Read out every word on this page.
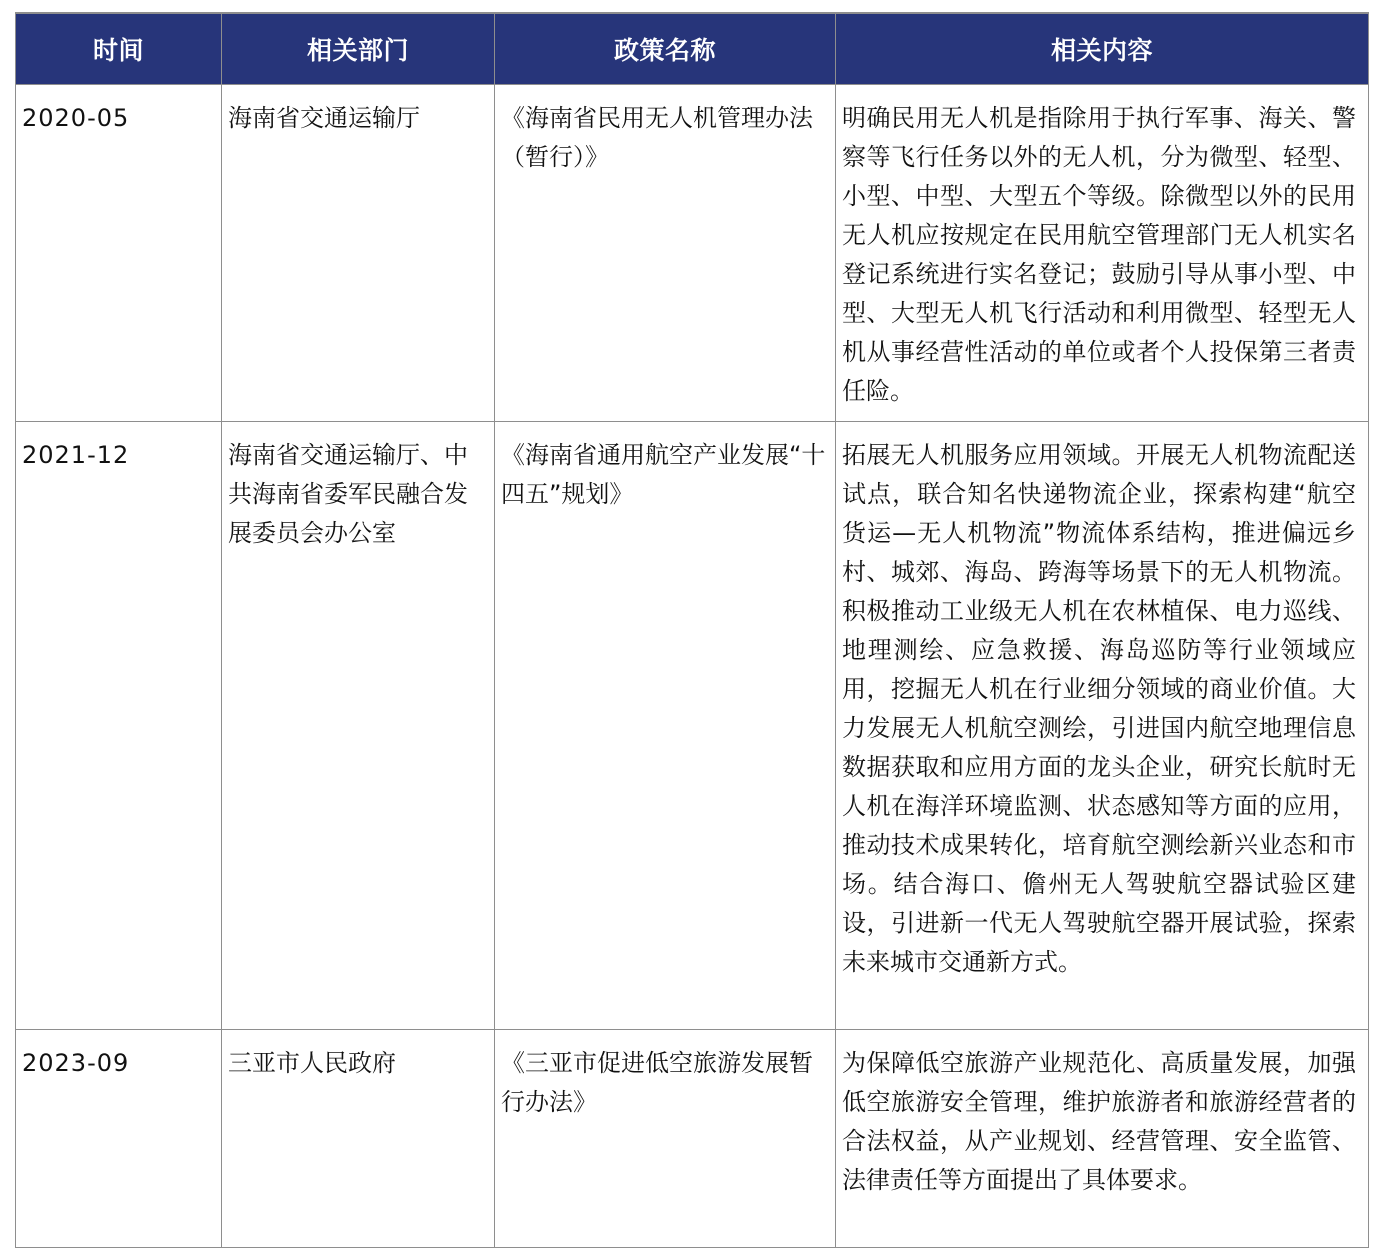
时间	相关部门	政策名称	相关内容
2020-05	海南省交通运输厅	《海南省民用无人机管理办法（暂行）》	明确民用无人机是指除用于执行军事、海关、警察等飞行任务以外的无人机，分为微型、轻型、小型、中型、大型五个等级。除微型以外的民用无人机应按规定在民用航空管理部门无人机实名登记系统进行实名登记；鼓励引导从事小型、中型、大型无人机飞行活动和利用微型、轻型无人机从事经营性活动的单位或者个人投保第三者责任险。
2021-12	海南省交通运输厅、中共海南省委军民融合发展委员会办公室	《海南省通用航空产业发展“十四五”规划》	拓展无人机服务应用领域。开展无人机物流配送试点，联合知名快递物流企业，探索构建“航空货运—无人机物流”物流体系结构，推进偏远乡村、城郊、海岛、跨海等场景下的无人机物流。积极推动工业级无人机在农林植保、电力巡线、地理测绘、应急救援、海岛巡防等行业领域应用，挖掘无人机在行业细分领域的商业价值。大力发展无人机航空测绘，引进国内航空地理信息数据获取和应用方面的龙头企业，研究长航时无人机在海洋环境监测、状态感知等方面的应用，推动技术成果转化，培育航空测绘新兴业态和市场。结合海口、儋州无人驾驶航空器试验区建设，引进新一代无人驾驶航空器开展试验，探索未来城市交通新方式。
2023-09	三亚市人民政府	《三亚市促进低空旅游发展暂行办法》	为保障低空旅游产业规范化、高质量发展，加强低空旅游安全管理，维护旅游者和旅游经营者的合法权益，从产业规划、经营管理、安全监管、法律责任等方面提出了具体要求。
